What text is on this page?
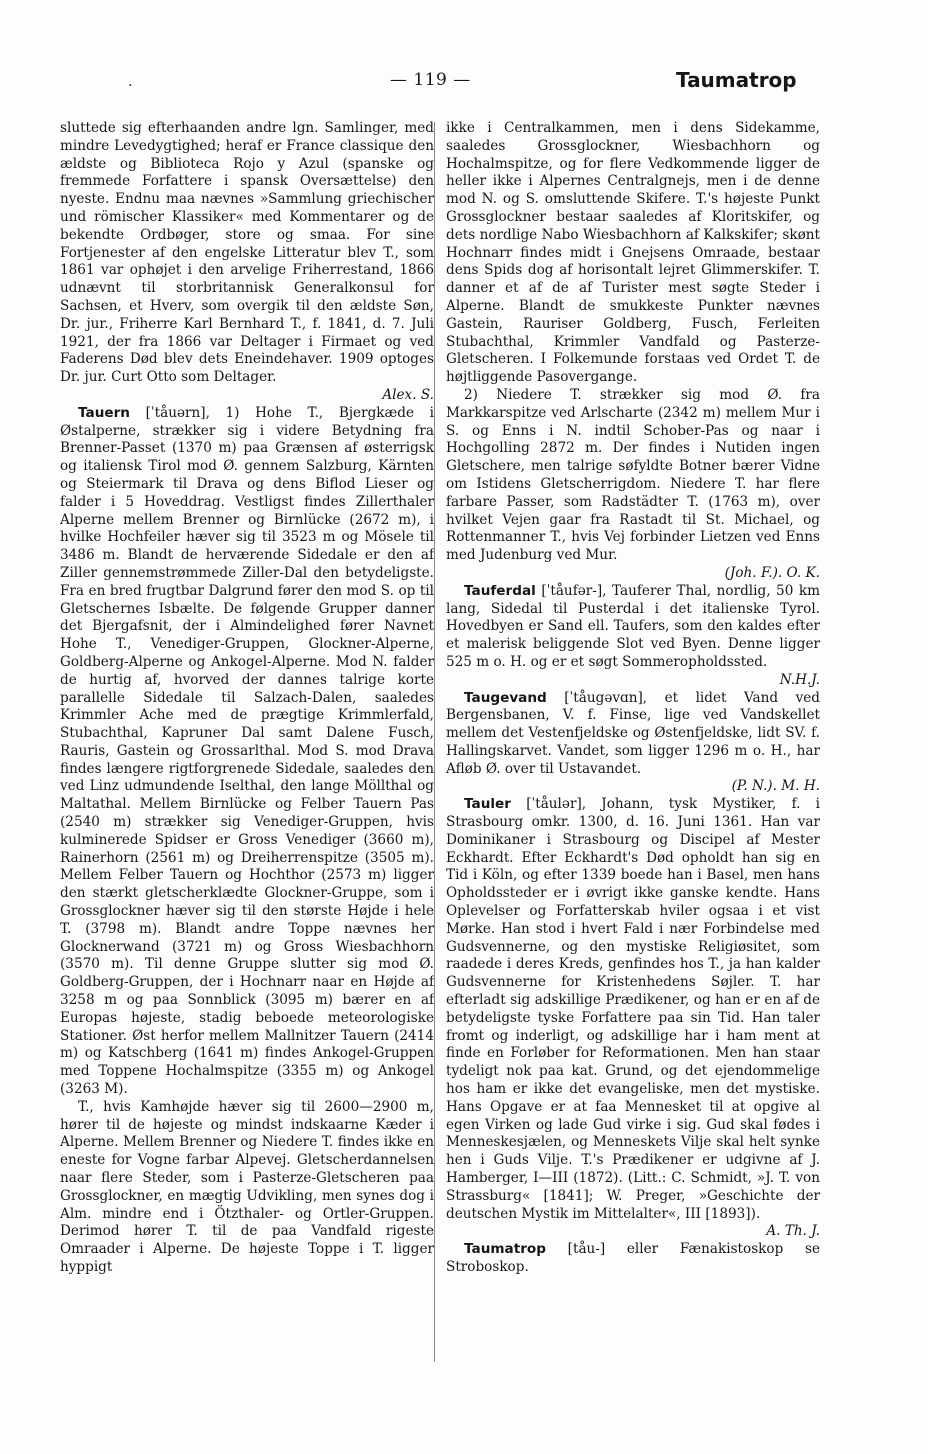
.	— 119 —	Taumatrop

sluttede sig efterhaanden andre lgn. Samlinger, med mindre Levedygtighed; heraf er France classique den ældste og Biblioteca Rojo y Azul (spanske og fremmede Forfattere i spansk Oversættelse) den nyeste. Endnu maa nævnes »Sammlung griechischer und römischer Klassiker« med Kommentarer og de bekendte Ordbøger, store og smaa. For sine Fortjenester af den engelske Litteratur blev T., som 1861 var ophøjet i den arvelige Friherrestand, 1866 udnævnt til storbritannisk Generalkonsul for Sachsen, et Hverv, som overgik til den ældste Søn, Dr. jur., Friherre Karl Bernhard T., f. 1841, d. 7. Juli 1921, der fra 1866 var Deltager i Firmaet og ved Faderens Død blev dets Eneindehaver. 1909 optoges Dr. jur. Curt Otto som Deltager.
Alex. S.

Tauern [ˈtåuərn], 1) Hohe T., Bjergkæde i Østalperne, strækker sig i videre Betydning fra Brenner-Passet (1370 m) paa Grænsen af østerrigsk og italiensk Tirol mod Ø. gennem Salzburg, Kärnten og Steiermark til Drava og dens Biflod Lieser og falder i 5 Hoveddrag. Vestligst findes Zillerthaler Alperne mellem Brenner og Birnlücke (2672 m), i hvilke Hochfeiler hæver sig til 3523 m og Mösele til 3486 m. Blandt de herværende Sidedale er den af Ziller gennemstrømmede Ziller-Dal den betydeligste. Fra en bred frugtbar Dalgrund fører den mod S. op til Gletschernes Isbælte. De følgende Grupper danner det Bjergafsnit, der i Almindelighed fører Navnet Hohe T., Venediger-Gruppen, Glockner-Alperne, Goldberg-Alperne og Ankogel-Alperne. Mod N. falder de hurtig af, hvorved der dannes talrige korte parallelle Sidedale til Salzach-Dalen, saaledes Krimmler Ache med de prægtige Krimmlerfald, Stubachthal, Kapruner Dal samt Dalene Fusch, Rauris, Gastein og Grossarlthal. Mod S. mod Drava findes længere rigtforgrenede Sidedale, saaledes den ved Linz udmundende Iselthal, den lange Möllthal og Maltathal. Mellem Birnlücke og Felber Tauern Pas (2540 m) strækker sig Venediger-Gruppen, hvis kulminerede Spidser er Gross Venediger (3660 m), Rainerhorn (2561 m) og Dreiherrenspitze (3505 m). Mellem Felber Tauern og Hochthor (2573 m) ligger den stærkt gletscherklædte Glockner-Gruppe, som i Grossglockner hæver sig til den største Højde i hele T. (3798 m). Blandt andre Toppe nævnes her Glocknerwand (3721 m) og Gross Wiesbachhorn (3570 m). Til denne Gruppe slutter sig mod Ø. Goldberg-Gruppen, der i Hochnarr naar en Højde af 3258 m og paa Sonnblick (3095 m) bærer en af Europas højeste, stadig beboede meteorologiske Stationer. Øst herfor mellem Mallnitzer Tauern (2414 m) og Katschberg (1641 m) findes Ankogel-Gruppen med Toppene Hochalmspitze (3355 m) og Ankogel (3263 M).

T., hvis Kamhøjde hæver sig til 2600—2900 m, hører til de højeste og mindst indskaarne Kæder i Alperne. Mellem Brenner og Niedere T. findes ikke en eneste for Vogne farbar Alpevej. Gletscherdannelsen naar flere Steder, som i Pasterze-Gletscheren paa Grossglockner, en mægtig Udvikling, men synes dog i Alm. mindre end i Ötzthaler- og Ortler-Gruppen. Derimod hører T. til de paa Vandfald rigeste Omraader i Alperne. De højeste Toppe i T. ligger hyppigt

ikke i Centralkammen, men i dens Sidekamme, saaledes Grossglockner, Wiesbachhorn og Hochalmspitze, og for flere Vedkommende ligger de heller ikke i Alpernes Centralgnejs, men i de denne mod N. og S. omsluttende Skifere. T.'s højeste Punkt Grossglockner bestaar saaledes af Kloritskifer, og dets nordlige Nabo Wiesbachhorn af Kalkskifer; skønt Hochnarr findes midt i Gnejsens Omraade, bestaar dens Spids dog af horisontalt lejret Glimmerskifer. T. danner et af de af Turister mest søgte Steder i Alperne. Blandt de smukkeste Punkter nævnes Gastein, Rauriser Goldberg, Fusch, Ferleiten Stubachthal, Krimmler Vandfald og Pasterze-Gletscheren. I Folkemunde forstaas ved Ordet T. de højtliggende Pasovergange.

2) Niedere T. strækker sig mod Ø. fra Markkarspitze ved Arlscharte (2342 m) mellem Mur i S. og Enns i N. indtil Schober-Pas og naar i Hochgolling 2872 m. Der findes i Nutiden ingen Gletschere, men talrige søfyldte Botner bærer Vidne om Istidens Gletscherrigdom. Niedere T. har flere farbare Passer, som Radstädter T. (1763 m), over hvilket Vejen gaar fra Rastadt til St. Michael, og Rottenmanner T., hvis Vej forbinder Lietzen ved Enns med Judenburg ved Mur.
(Joh. F.). O. K.

Tauferdal [ˈtåufər-], Tauferer Thal, nordlig, 50 km lang, Sidedal til Pusterdal i det italienske Tyrol. Hovedbyen er Sand ell. Taufers, som den kaldes efter et malerisk beliggende Slot ved Byen. Denne ligger 525 m o. H. og er et søgt Sommeropholdssted.
N.H.J.

Taugevand [ˈtåugəvɑn], et lidet Vand ved Bergensbanen, V. f. Finse, lige ved Vandskellet mellem det Vestenfjeldske og Østenfjeldske, lidt SV. f. Hallingskarvet. Vandet, som ligger 1296 m o. H., har Afløb Ø. over til Ustavandet.
(P. N.). M. H.

Tauler [ˈtåulər], Johann, tysk Mystiker, f. i Strasbourg omkr. 1300, d. 16. Juni 1361. Han var Dominikaner i Strasbourg og Discipel af Mester Eckhardt. Efter Eckhardt's Død opholdt han sig en Tid i Köln, og efter 1339 boede han i Basel, men hans Opholdssteder er i øvrigt ikke ganske kendte. Hans Oplevelser og Forfatterskab hviler ogsaa i et vist Mørke. Han stod i hvert Fald i nær Forbindelse med Gudsvennerne, og den mystiske Religiøsitet, som raadede i deres Kreds, genfindes hos T., ja han kalder Gudsvennerne for Kristenhedens Søjler. T. har efterladt sig adskillige Prædikener, og han er en af de betydeligste tyske Forfattere paa sin Tid. Han taler fromt og inderligt, og adskillige har i ham ment at finde en Forløber for Reformationen. Men han staar tydeligt nok paa kat. Grund, og det ejendommelige hos ham er ikke det evangeliske, men det mystiske. Hans Opgave er at faa Mennesket til at opgive al egen Virken og lade Gud virke i sig. Gud skal fødes i Menneskesjælen, og Menneskets Vilje skal helt synke hen i Guds Vilje. T.'s Prædikener er udgivne af J. Hamberger, I—III (1872). (Litt.: C. Schmidt, »J. T. von Strassburg« [1841]; W. Preger, »Geschichte der deutschen Mystik im Mittelalter«, III [1893]).
A. Th. J.

Taumatrop [tåu-] eller Fænakistoskop se Stroboskop.
